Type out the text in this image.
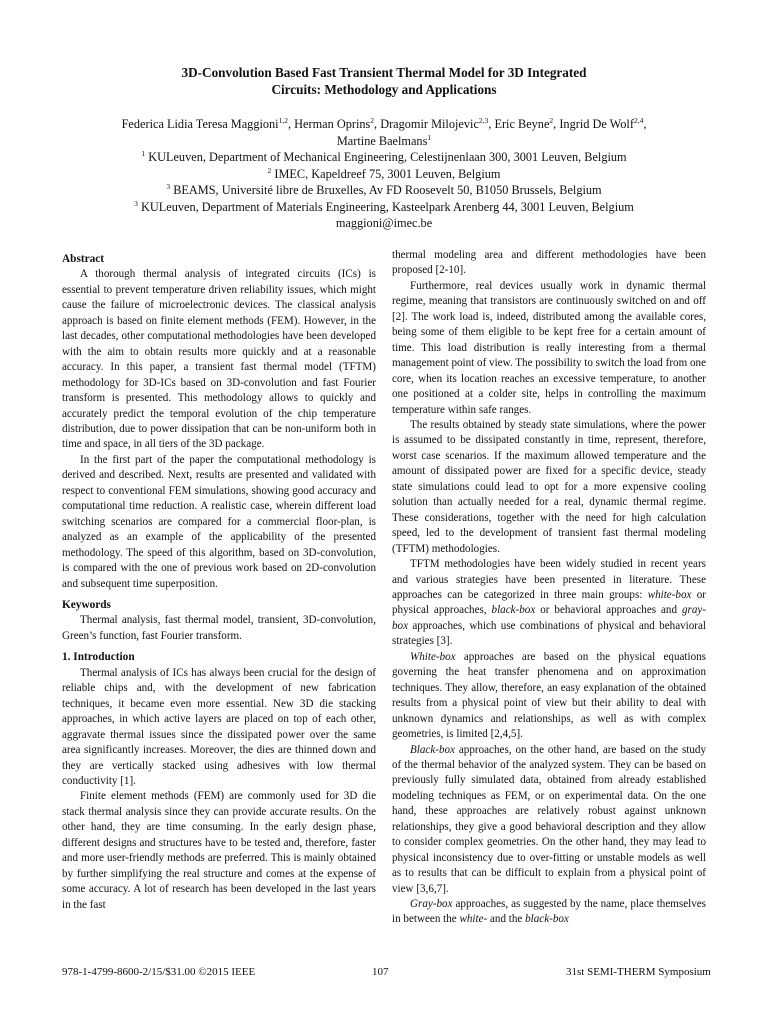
3D-Convolution Based Fast Transient Thermal Model for 3D Integrated
Circuits: Methodology and Applications
Federica Lidia Teresa Maggioni$^{1,2}$, Herman Oprins$^2$, Dragomir Milojevic$^{2,3}$, Eric Beyne$^2$, Ingrid De Wolf$^{2,4}$,
Martine Baelmans$^1$
$^1$ KULeuven, Department of Mechanical Engineering, Celestijnenlaan 300, 3001 Leuven, Belgium
$^2$ IMEC, Kapeldreef 75, 3001 Leuven, Belgium
$^3$ BEAMS, Université libre de Bruxelles, Av FD Roosevelt 50, B1050 Brussels, Belgium
$^3$ KULeuven, Department of Materials Engineering, Kasteelpark Arenberg 44, 3001 Leuven, Belgium
maggioni@imec.be

Abstract

A thorough thermal analysis of integrated circuits (ICs) is essential to prevent temperature driven reliability issues, which might cause the failure of microelectronic devices. The classical analysis approach is based on finite element methods (FEM). However, in the last decades, other computational methodologies have been developed with the aim to obtain results more quickly and at a reasonable accuracy. In this paper, a transient fast thermal model (TFTM) methodology for 3D-ICs based on 3D-convolution and fast Fourier transform is presented. This methodology allows to quickly and accurately predict the temporal evolution of the chip temperature distribution, due to power dissipation that can be non-uniform both in time and space, in all tiers of the 3D package.

In the first part of the paper the computational methodology is derived and described. Next, results are presented and validated with respect to conventional FEM simulations, showing good accuracy and computational time reduction. A realistic case, wherein different load switching scenarios are compared for a commercial floor-plan, is analyzed as an example of the applicability of the presented methodology. The speed of this algorithm, based on 3D-convolution, is compared with the one of previous work based on 2D-convolution and subsequent time superposition.

Keywords

Thermal analysis, fast thermal model, transient, 3D-convolution, Green’s function, fast Fourier transform.

1. Introduction

Thermal analysis of ICs has always been crucial for the design of reliable chips and, with the development of new fabrication techniques, it became even more essential. New 3D die stacking approaches, in which active layers are placed on top of each other, aggravate thermal issues since the dissipated power over the same area significantly increases. Moreover, the dies are thinned down and they are vertically stacked using adhesives with low thermal conductivity [1].

Finite element methods (FEM) are commonly used for 3D die stack thermal analysis since they can provide accurate results. On the other hand, they are time consuming. In the early design phase, different designs and structures have to be tested and, therefore, faster and more user-friendly methods are preferred. This is mainly obtained by further simplifying the real structure and comes at the expense of some accuracy. A lot of research has been developed in the last years in the fast

thermal modeling area and different methodologies have been proposed [2-10].

Furthermore, real devices usually work in dynamic thermal regime, meaning that transistors are continuously switched on and off [2]. The work load is, indeed, distributed among the available cores, being some of them eligible to be kept free for a certain amount of time. This load distribution is really interesting from a thermal management point of view. The possibility to switch the load from one core, when its location reaches an excessive temperature, to another one positioned at a colder site, helps in controlling the maximum temperature within safe ranges.

The results obtained by steady state simulations, where the power is assumed to be dissipated constantly in time, represent, therefore, worst case scenarios. If the maximum allowed temperature and the amount of dissipated power are fixed for a specific device, steady state simulations could lead to opt for a more expensive cooling solution than actually needed for a real, dynamic thermal regime. These considerations, together with the need for high calculation speed, led to the development of transient fast thermal modeling (TFTM) methodologies.

TFTM methodologies have been widely studied in recent years and various strategies have been presented in literature. These approaches can be categorized in three main groups: white-box or physical approaches, black-box or behavioral approaches and gray-box approaches, which use combinations of physical and behavioral strategies [3].

White-box approaches are based on the physical equations governing the heat transfer phenomena and on approximation techniques. They allow, therefore, an easy explanation of the obtained results from a physical point of view but their ability to deal with unknown dynamics and relationships, as well as with complex geometries, is limited [2,4,5].

Black-box approaches, on the other hand, are based on the study of the thermal behavior of the analyzed system. They can be based on previously fully simulated data, obtained from already established modeling techniques as FEM, or on experimental data. On the one hand, these approaches are relatively robust against unknown relationships, they give a good behavioral description and they allow to consider complex geometries. On the other hand, they may lead to physical inconsistency due to over-fitting or unstable models as well as to results that can be difficult to explain from a physical point of view [3,6,7].

Gray-box approaches, as suggested by the name, place themselves in between the white- and the black-box

978-1-4799-8600-2/15/$31.00 ©2015 IEEE	107	31st SEMI-THERM Symposium
